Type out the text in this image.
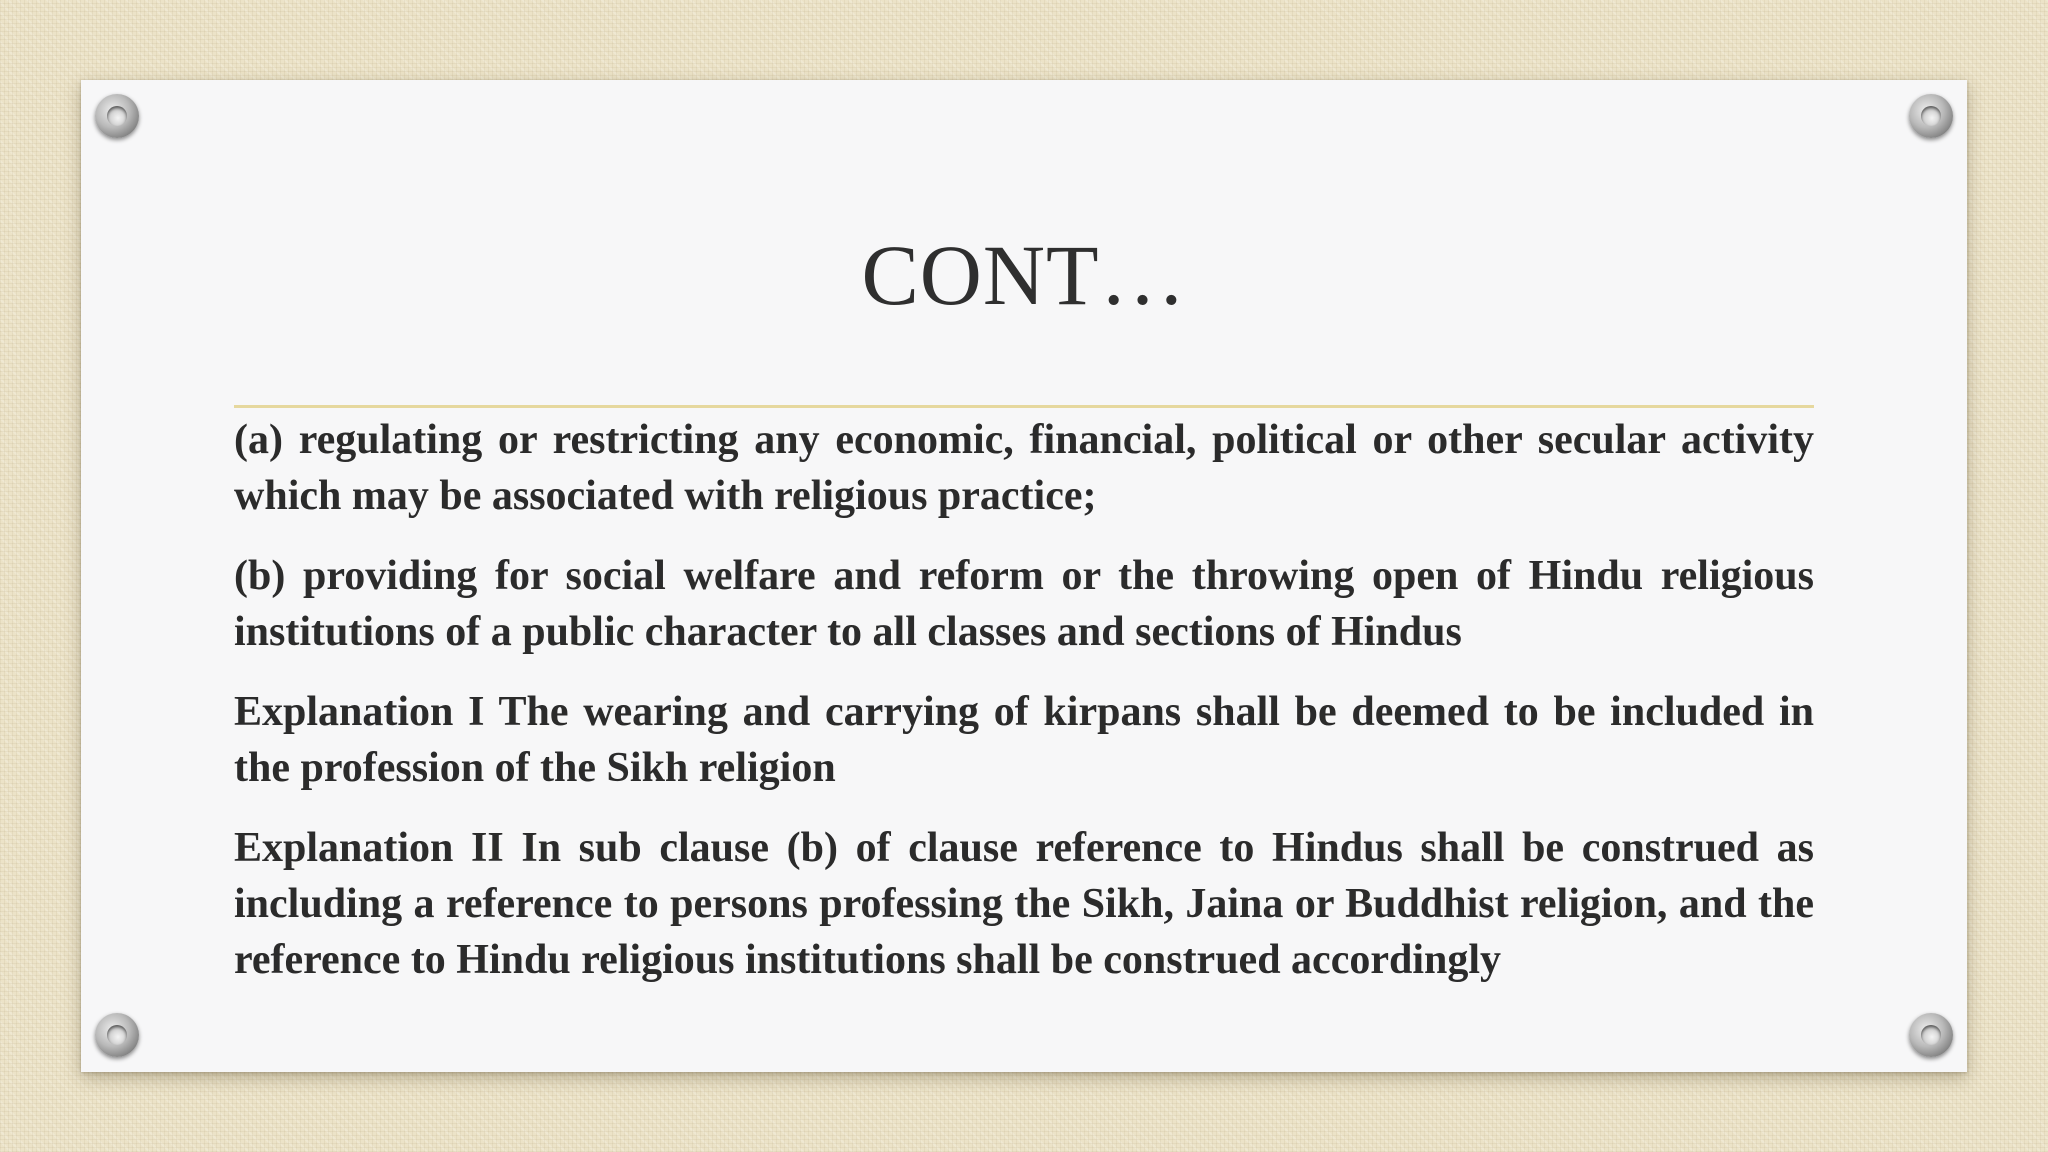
CONT…

(a) regulating or restricting any economic, financial, political or other secular activity which may be associated with religious practice;

(b) providing for social welfare and reform or the throwing open of Hindu religious institutions of a public character to all classes and sections of Hindus

Explanation I The wearing and carrying of kirpans shall be deemed to be included in the profession of the Sikh religion

Explanation II In sub clause (b) of clause reference to Hindus shall be construed as including a reference to persons professing the Sikh, Jaina or Buddhist religion, and the reference to Hindu religious institutions shall be construed accordingly
